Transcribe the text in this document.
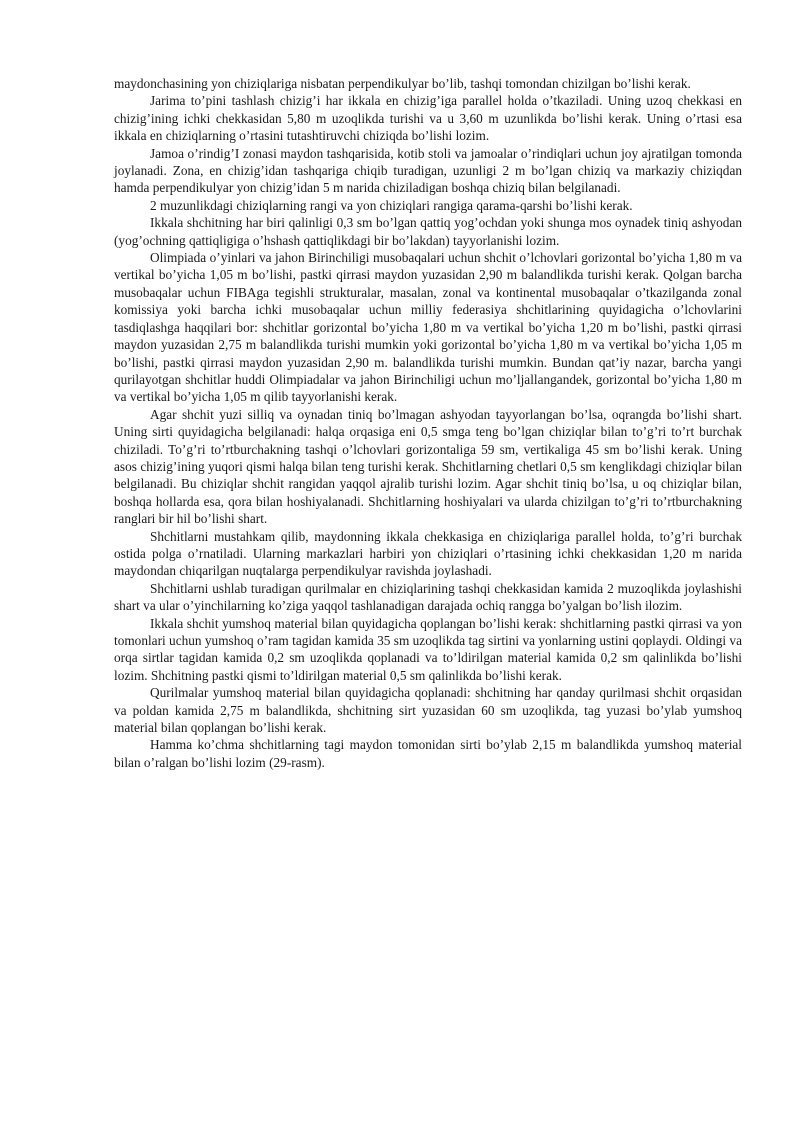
maydonchasining yon chiziqlariga nisbatan perpendikulyar bo’lib, tashqi tomondan chizilgan bo’lishi kerak.

Jarima to’pini tashlash chizig’i har ikkala en chizig’iga parallel holda o’tkaziladi. Uning uzoq chekkasi en chizig’ining ichki chekkasidan 5,80 m uzoqlikda turishi va u 3,60 m uzunlikda bo’lishi kerak. Uning o’rtasi esa ikkala en chiziqlarning o’rtasini tutashtiruvchi chiziqda bo’lishi lozim.

Jamoa o’rindig’I zonasi maydon tashqarisida, kotib stoli va jamoalar o’rindiqlari uchun joy ajratilgan tomonda joylanadi. Zona, en chizig’idan tashqariga chiqib turadigan, uzunligi 2 m bo’lgan chiziq va markaziy chiziqdan hamda perpendikulyar yon chizig’idan 5 m narida chiziladigan boshqa chiziq bilan belgilanadi.

2 muzunlikdagi chiziqlarning rangi va yon chiziqlari rangiga qarama-qarshi bo’lishi kerak.

Ikkala shchitning har biri qalinligi 0,3 sm bo’lgan qattiq yog’ochdan yoki shunga mos oynadek tiniq ashyodan (yog’ochning qattiqligiga o’hshash qattiqlikdagi bir bo’lakdan) tayyorlanishi lozim.

Olimpiada o’yinlari va jahon Birinchiligi musobaqalari uchun shchit o’lchovlari gorizontal bo’yicha 1,80 m va vertikal bo’yicha 1,05 m bo’lishi, pastki qirrasi maydon yuzasidan 2,90 m balandlikda turishi kerak. Qolgan barcha musobaqalar uchun FIBAga tegishli strukturalar, masalan, zonal va kontinental musobaqalar o’tkazilganda zonal komissiya yoki barcha ichki musobaqalar uchun milliy federasiya shchitlarining quyidagicha o’lchovlarini tasdiqlashga haqqilari bor: shchitlar gorizontal bo’yicha 1,80 m va vertikal bo’yicha 1,20 m bo’lishi, pastki qirrasi maydon yuzasidan 2,75 m balandlikda turishi mumkin yoki gorizontal bo’yicha 1,80 m va vertikal bo’yicha 1,05 m bo’lishi, pastki qirrasi maydon yuzasidan 2,90 m. balandlikda turishi mumkin. Bundan qat’iy nazar, barcha yangi qurilayotgan shchitlar huddi Olimpiadalar va jahon Birinchiligi uchun mo’ljallangandek, gorizontal bo’yicha 1,80 m va vertikal bo’yicha 1,05 m qilib tayyorlanishi kerak.

Agar shchit yuzi silliq va oynadan tiniq bo’lmagan ashyodan tayyorlangan bo’lsa, oqrangda bo’lishi shart. Uning sirti quyidagicha belgilanadi: halqa orqasiga eni 0,5 smga teng bo’lgan chiziqlar bilan to’g’ri to’rt burchak chiziladi. To’g’ri to’rtburchakning tashqi o’lchovlari gorizontaliga 59 sm, vertikaliga 45 sm bo’lishi kerak. Uning asos chizig’ining yuqori qismi halqa bilan teng turishi kerak. Shchitlarning chetlari 0,5 sm kenglikdagi chiziqlar bilan belgilanadi. Bu chiziqlar shchit rangidan yaqqol ajralib turishi lozim. Agar shchit tiniq bo’lsa, u oq chiziqlar bilan, boshqa hollarda esa, qora bilan hoshiyalanadi. Shchitlarning hoshiyalari va ularda chizilgan to’g’ri to’rtburchakning ranglari bir hil bo’lishi shart.

Shchitlarni mustahkam qilib, maydonning ikkala chekkasiga en chiziqlariga parallel holda, to’g’ri burchak ostida polga o’rnatiladi. Ularning markazlari harbiri yon chiziqlari o’rtasining ichki chekkasidan 1,20 m narida maydondan chiqarilgan nuqtalarga perpendikulyar ravishda joylashadi.

Shchitlarni ushlab turadigan qurilmalar en chiziqlarining tashqi chekkasidan kamida 2 muzoqlikda joylashishi shart va ular o’yinchilarning ko’ziga yaqqol tashlanadigan darajada ochiq rangga bo’yalgan bo’lish ilozim.

Ikkala shchit yumshoq material bilan quyidagicha qoplangan bo’lishi kerak: shchitlarning pastki qirrasi va yon tomonlari uchun yumshoq o’ram tagidan kamida 35 sm uzoqlikda tag sirtini va yonlarning ustini qoplaydi. Oldingi va orqa sirtlar tagidan kamida 0,2 sm uzoqlikda qoplanadi va to’ldirilgan material kamida 0,2 sm qalinlikda bo’lishi lozim. Shchitning pastki qismi to’ldirilgan material 0,5 sm qalinlikda bo’lishi kerak.

Qurilmalar yumshoq material bilan quyidagicha qoplanadi: shchitning har qanday qurilmasi shchit orqasidan va poldan kamida 2,75 m balandlikda, shchitning sirt yuzasidan 60 sm uzoqlikda, tag yuzasi bo’ylab yumshoq material bilan qoplangan bo’lishi kerak.

Hamma ko’chma shchitlarning tagi maydon tomonidan sirti bo’ylab 2,15 m balandlikda yumshoq material bilan o’ralgan bo’lishi lozim (29-rasm).
